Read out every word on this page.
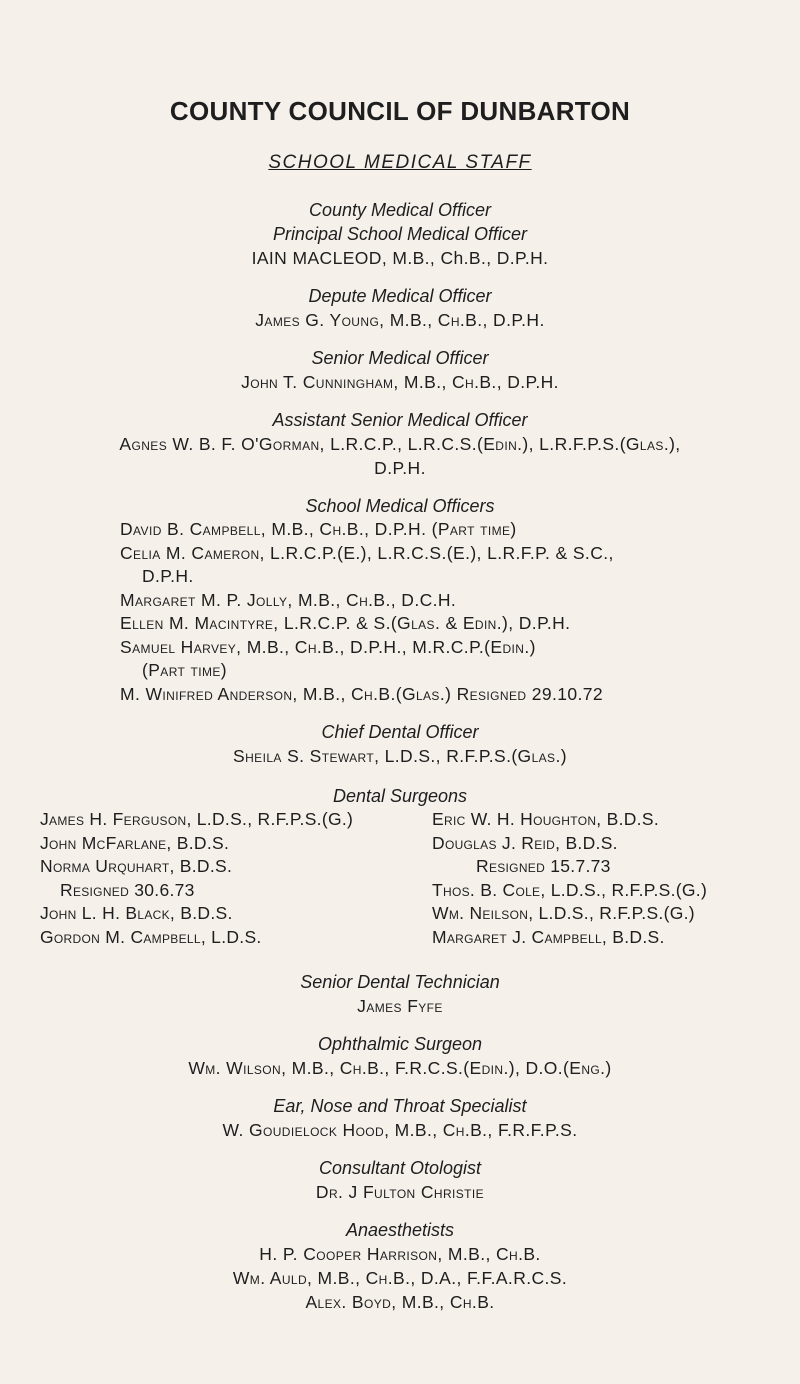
COUNTY COUNCIL OF DUNBARTON
SCHOOL MEDICAL STAFF
County Medical Officer
Principal School Medical Officer
IAIN MACLEOD, M.B., Ch.B., D.P.H.
Depute Medical Officer
James G. Young, M.B., Ch.B., D.P.H.
Senior Medical Officer
John T. Cunningham, M.B., Ch.B., D.P.H.
Assistant Senior Medical Officer
Agnes W. B. F. O'Gorman, L.R.C.P., L.R.C.S.(Edin.), L.R.F.P.S.(Glas.),
D.P.H.
School Medical Officers
David B. Campbell, M.B., Ch.B., D.P.H. (Part time)
Celia M. Cameron, L.R.C.P.(E.), L.R.C.S.(E.), L.R.F.P. & S.C.,
D.P.H.
Margaret M. P. Jolly, M.B., Ch.B., D.C.H.
Ellen M. Macintyre, L.R.C.P. & S.(Glas. & Edin.), D.P.H.
Samuel Harvey, M.B., Ch.B., D.P.H., M.R.C.P.(Edin.)
(Part time)
M. Winifred Anderson, M.B., Ch.B.(Glas.) Resigned 29.10.72
Chief Dental Officer
Sheila S. Stewart, L.D.S., R.F.P.S.(Glas.)
Dental Surgeons
James H. Ferguson, L.D.S., R.F.P.S.(G.)
John McFarlane, B.D.S.
Norma Urquhart, B.D.S.
Resigned 30.6.73
John L. H. Black, B.D.S.
Gordon M. Campbell, L.D.S.
Eric W. H. Houghton, B.D.S.
Douglas J. Reid, B.D.S.
Resigned 15.7.73
Thos. B. Cole, L.D.S., R.F.P.S.(G.)
Wm. Neilson, L.D.S., R.F.P.S.(G.)
Margaret J. Campbell, B.D.S.
Senior Dental Technician
James Fyfe
Ophthalmic Surgeon
Wm. Wilson, M.B., Ch.B., F.R.C.S.(Edin.), D.O.(Eng.)
Ear, Nose and Throat Specialist
W. Goudielock Hood, M.B., Ch.B., F.R.F.P.S.
Consultant Otologist
Dr. J Fulton Christie
Anaesthetists
H. P. Cooper Harrison, M.B., Ch.B.
Wm. Auld, M.B., Ch.B., D.A., F.F.A.R.C.S.
Alex. Boyd, M.B., Ch.B.
